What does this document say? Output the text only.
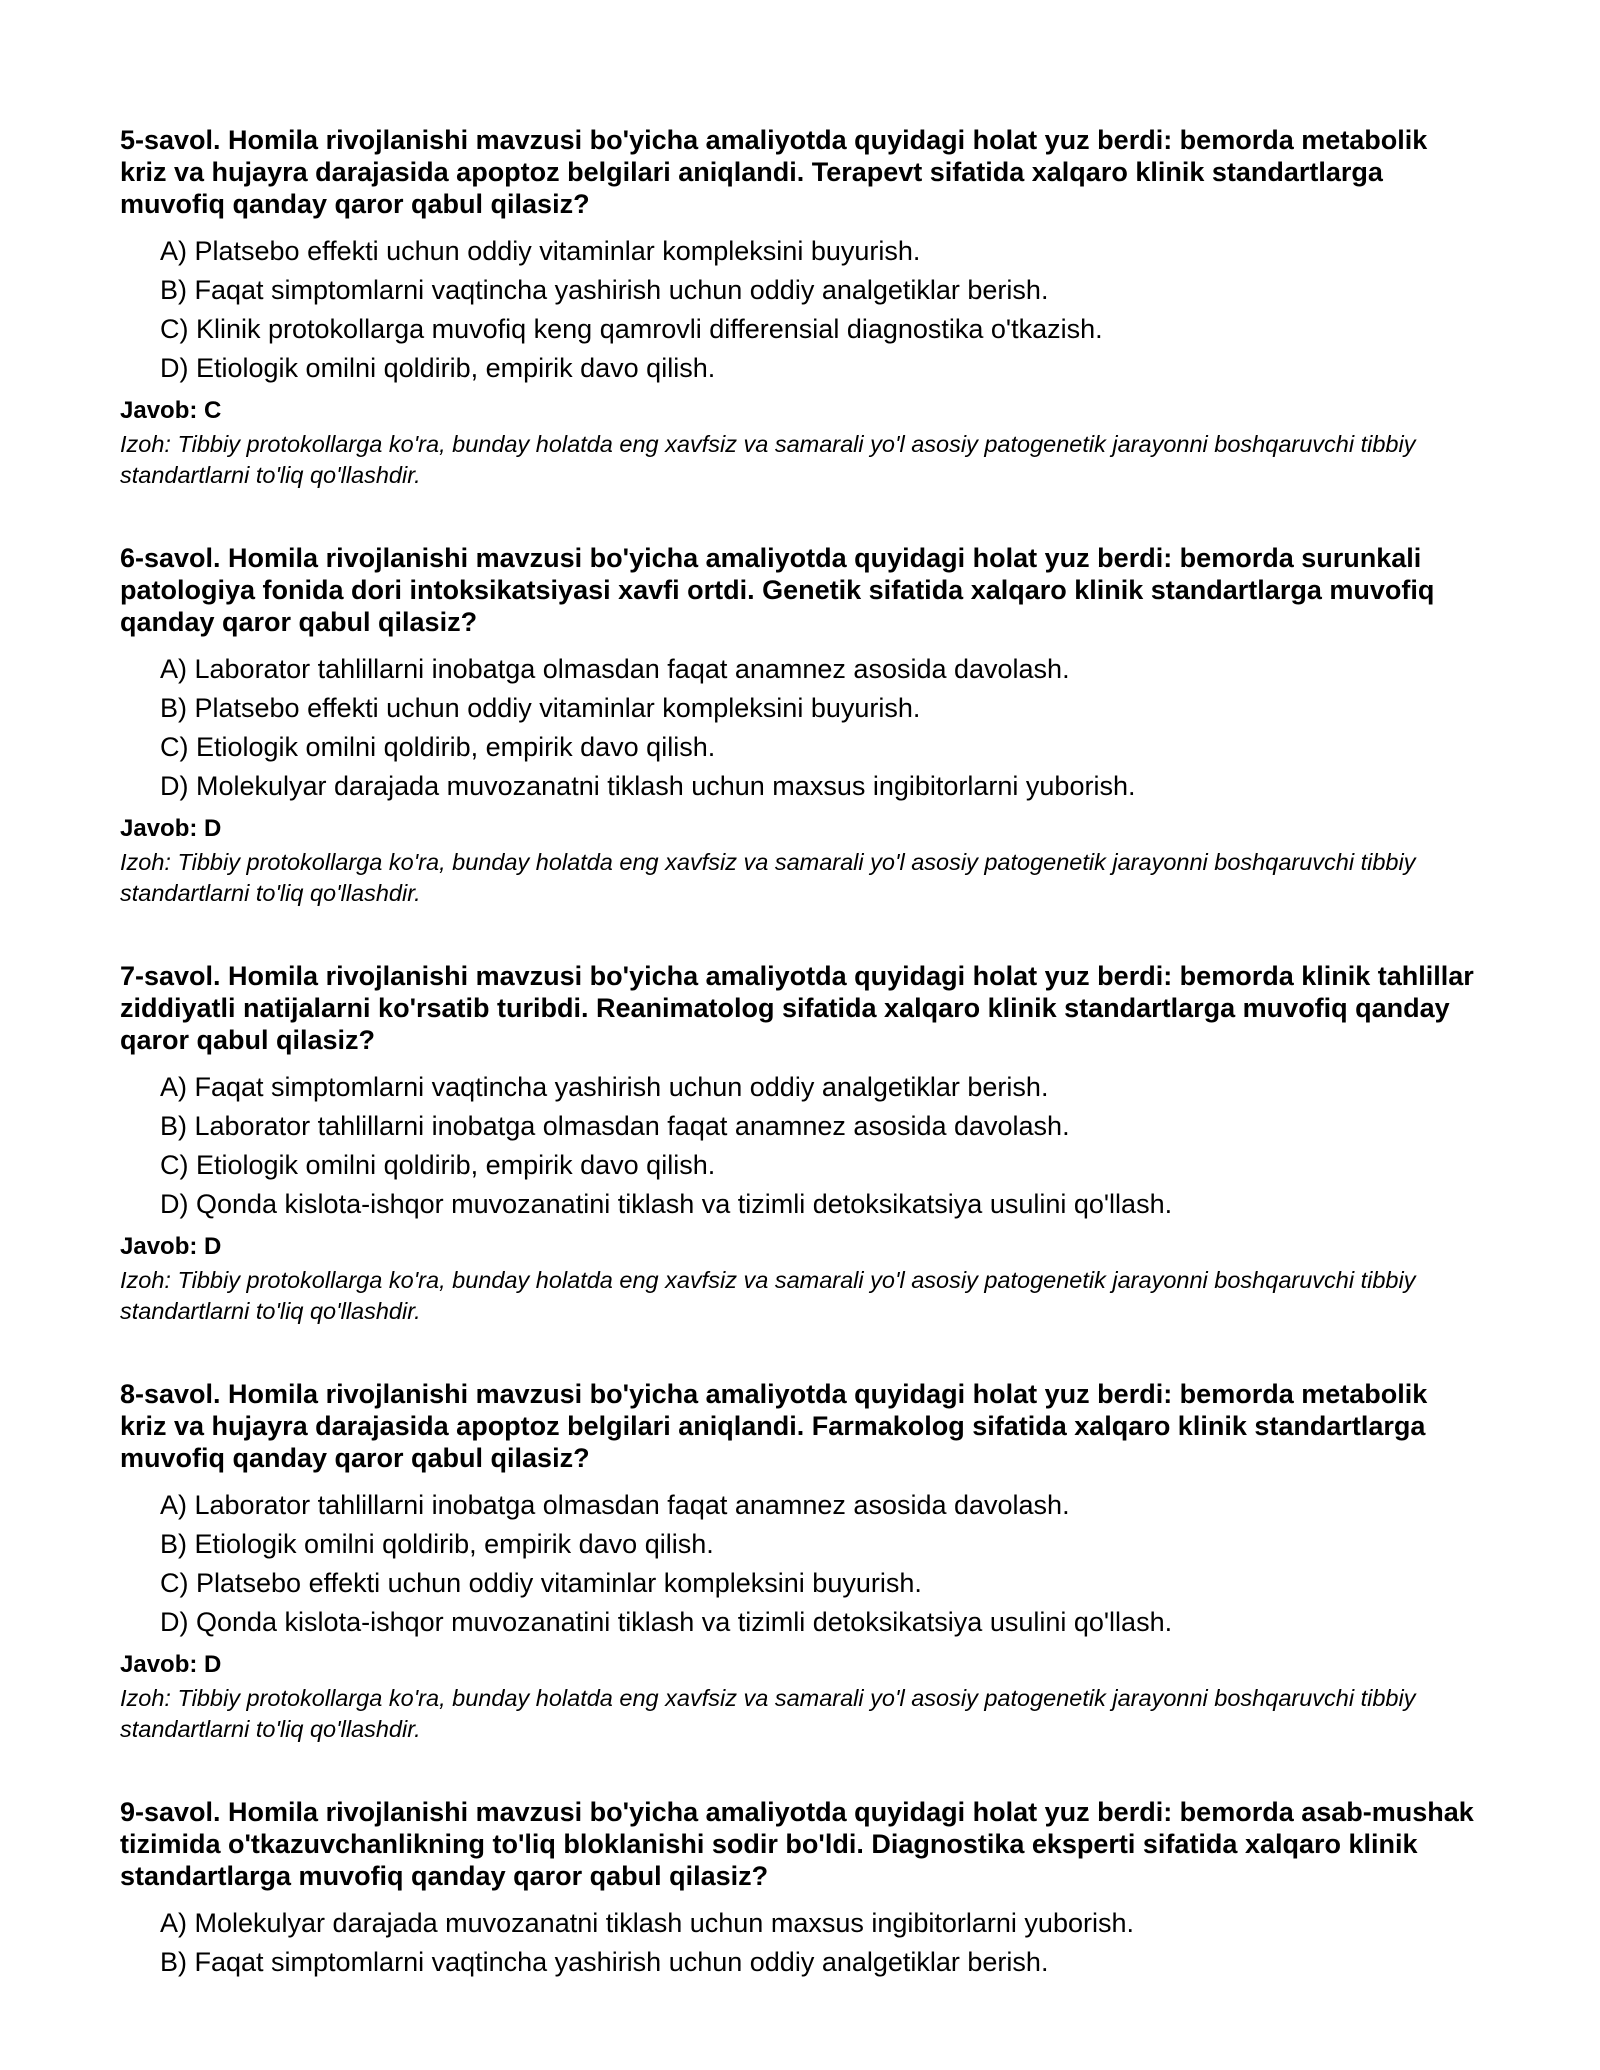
5-savol. Homila rivojlanishi mavzusi bo'yicha amaliyotda quyidagi holat yuz berdi: bemorda metabolik kriz va hujayra darajasida apoptoz belgilari aniqlandi. Terapevt sifatida xalqaro klinik standartlarga muvofiq qanday qaror qabul qilasiz?
A) Platsebo effekti uchun oddiy vitaminlar kompleksini buyurish.
B) Faqat simptomlarni vaqtincha yashirish uchun oddiy analgetiklar berish.
C) Klinik protokollarga muvofiq keng qamrovli differensial diagnostika o'tkazish.
D) Etiologik omilni qoldirib, empirik davo qilish.
Javob: C
Izoh: Tibbiy protokollarga ko'ra, bunday holatda eng xavfsiz va samarali yo'l asosiy patogenetik jarayonni boshqaruvchi tibbiy standartlarni to'liq qo'llashdir.
6-savol. Homila rivojlanishi mavzusi bo'yicha amaliyotda quyidagi holat yuz berdi: bemorda surunkali patologiya fonida dori intoksikatsiyasi xavfi ortdi. Genetik sifatida xalqaro klinik standartlarga muvofiq qanday qaror qabul qilasiz?
A) Laborator tahlillarni inobatga olmasdan faqat anamnez asosida davolash.
B) Platsebo effekti uchun oddiy vitaminlar kompleksini buyurish.
C) Etiologik omilni qoldirib, empirik davo qilish.
D) Molekulyar darajada muvozanatni tiklash uchun maxsus ingibitorlarni yuborish.
Javob: D
Izoh: Tibbiy protokollarga ko'ra, bunday holatda eng xavfsiz va samarali yo'l asosiy patogenetik jarayonni boshqaruvchi tibbiy standartlarni to'liq qo'llashdir.
7-savol. Homila rivojlanishi mavzusi bo'yicha amaliyotda quyidagi holat yuz berdi: bemorda klinik tahlillar ziddiyatli natijalarni ko'rsatib turibdi. Reanimatolog sifatida xalqaro klinik standartlarga muvofiq qanday qaror qabul qilasiz?
A) Faqat simptomlarni vaqtincha yashirish uchun oddiy analgetiklar berish.
B) Laborator tahlillarni inobatga olmasdan faqat anamnez asosida davolash.
C) Etiologik omilni qoldirib, empirik davo qilish.
D) Qonda kislota-ishqor muvozanatini tiklash va tizimli detoksikatsiya usulini qo'llash.
Javob: D
Izoh: Tibbiy protokollarga ko'ra, bunday holatda eng xavfsiz va samarali yo'l asosiy patogenetik jarayonni boshqaruvchi tibbiy standartlarni to'liq qo'llashdir.
8-savol. Homila rivojlanishi mavzusi bo'yicha amaliyotda quyidagi holat yuz berdi: bemorda metabolik kriz va hujayra darajasida apoptoz belgilari aniqlandi. Farmakolog sifatida xalqaro klinik standartlarga muvofiq qanday qaror qabul qilasiz?
A) Laborator tahlillarni inobatga olmasdan faqat anamnez asosida davolash.
B) Etiologik omilni qoldirib, empirik davo qilish.
C) Platsebo effekti uchun oddiy vitaminlar kompleksini buyurish.
D) Qonda kislota-ishqor muvozanatini tiklash va tizimli detoksikatsiya usulini qo'llash.
Javob: D
Izoh: Tibbiy protokollarga ko'ra, bunday holatda eng xavfsiz va samarali yo'l asosiy patogenetik jarayonni boshqaruvchi tibbiy standartlarni to'liq qo'llashdir.
9-savol. Homila rivojlanishi mavzusi bo'yicha amaliyotda quyidagi holat yuz berdi: bemorda asab-mushak tizimida o'tkazuvchanlikning to'liq bloklanishi sodir bo'ldi. Diagnostika eksperti sifatida xalqaro klinik standartlarga muvofiq qanday qaror qabul qilasiz?
A) Molekulyar darajada muvozanatni tiklash uchun maxsus ingibitorlarni yuborish.
B) Faqat simptomlarni vaqtincha yashirish uchun oddiy analgetiklar berish.
